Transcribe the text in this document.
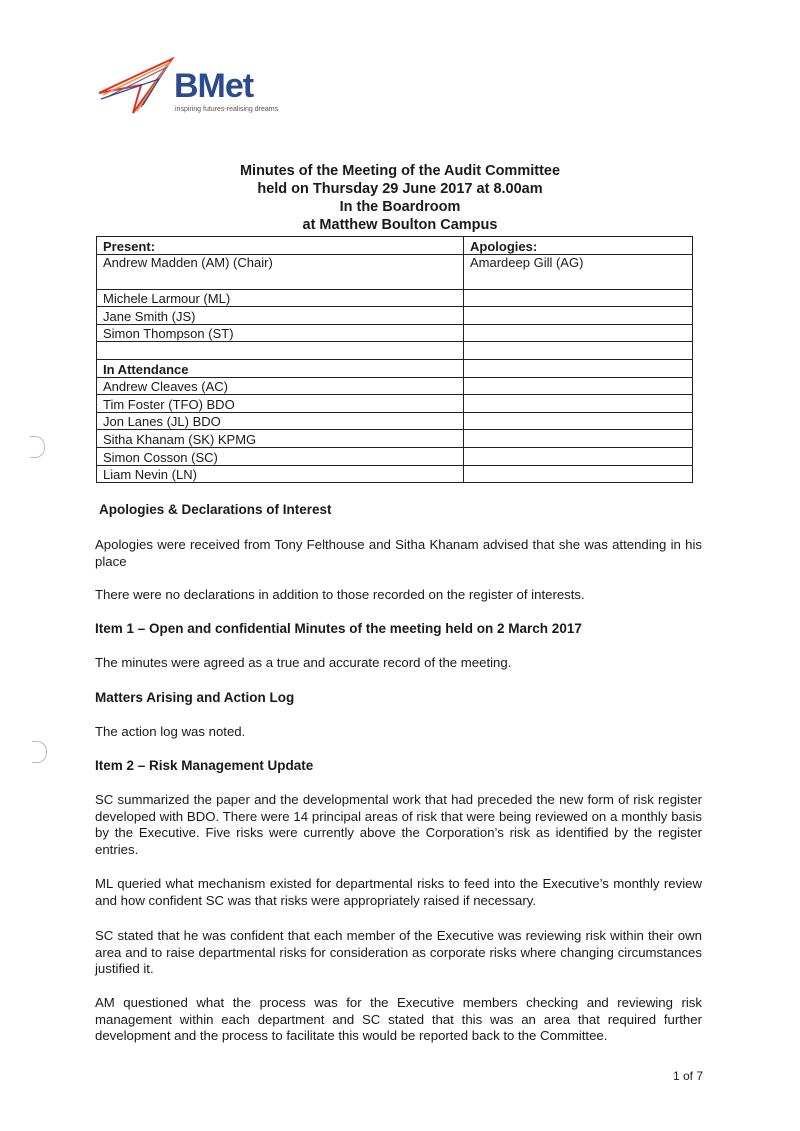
BMet
inspiring futures-realising dreams
Minutes of the Meeting of the Audit Committee
held on Thursday 29 June 2017 at 8.00am
In the Boardroom
at Matthew Boulton Campus
Present:	Apologies:
Andrew Madden (AM) (Chair)	Amardeep Gill (AG)
Michele Larmour (ML)	
Jane Smith (JS)	
Simon Thompson (ST)	

In Attendance	
Andrew Cleaves (AC)	
Tim Foster (TFO) BDO	
Jon Lanes (JL) BDO	
Sitha Khanam (SK) KPMG	
Simon Cosson (SC)	
Liam Nevin (LN)	
Apologies & Declarations of Interest
Apologies were received from Tony Felthouse and Sitha Khanam advised that she was attending in his place
There were no declarations in addition to those recorded on the register of interests.
Item 1 – Open and confidential Minutes of the meeting held on 2 March 2017
The minutes were agreed as a true and accurate record of the meeting.
Matters Arising and Action Log
The action log was noted.
Item 2 – Risk Management Update
SC summarized the paper and the developmental work that had preceded the new form of risk register developed with BDO. There were 14 principal areas of risk that were being reviewed on a monthly basis by the Executive. Five risks were currently above the Corporation’s risk as identified by the register entries.
ML queried what mechanism existed for departmental risks to feed into the Executive’s monthly review and how confident SC was that risks were appropriately raised if necessary.
SC stated that he was confident that each member of the Executive was reviewing risk within their own area and to raise departmental risks for consideration as corporate risks where changing circumstances justified it.
AM questioned what the process was for the Executive members checking and reviewing risk management within each department and SC stated that this was an area that required further development and the process to facilitate this would be reported back to the Committee.
1 of 7
